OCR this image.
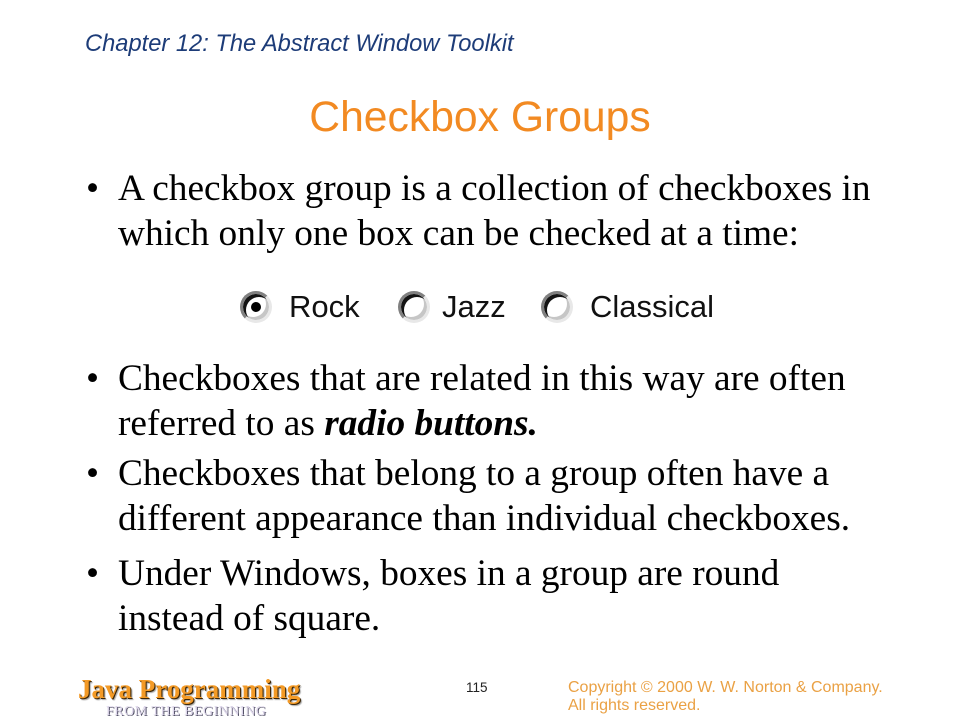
Chapter 12: The Abstract Window Toolkit
Checkbox Groups
• A checkbox group is a collection of checkboxes in
which only one box can be checked at a time:
• Checkboxes that are related in this way are often
referred to as radio buttons.
• Checkboxes that belong to a group often have a
different appearance than individual checkboxes.
• Under Windows, boxes in a group are round
instead of square.
Rock	Jazz	Classical
Java Programming
FROM THE BEGINNING
115	Copyright © 2000 W. W. Norton & Company.
All rights reserved.
